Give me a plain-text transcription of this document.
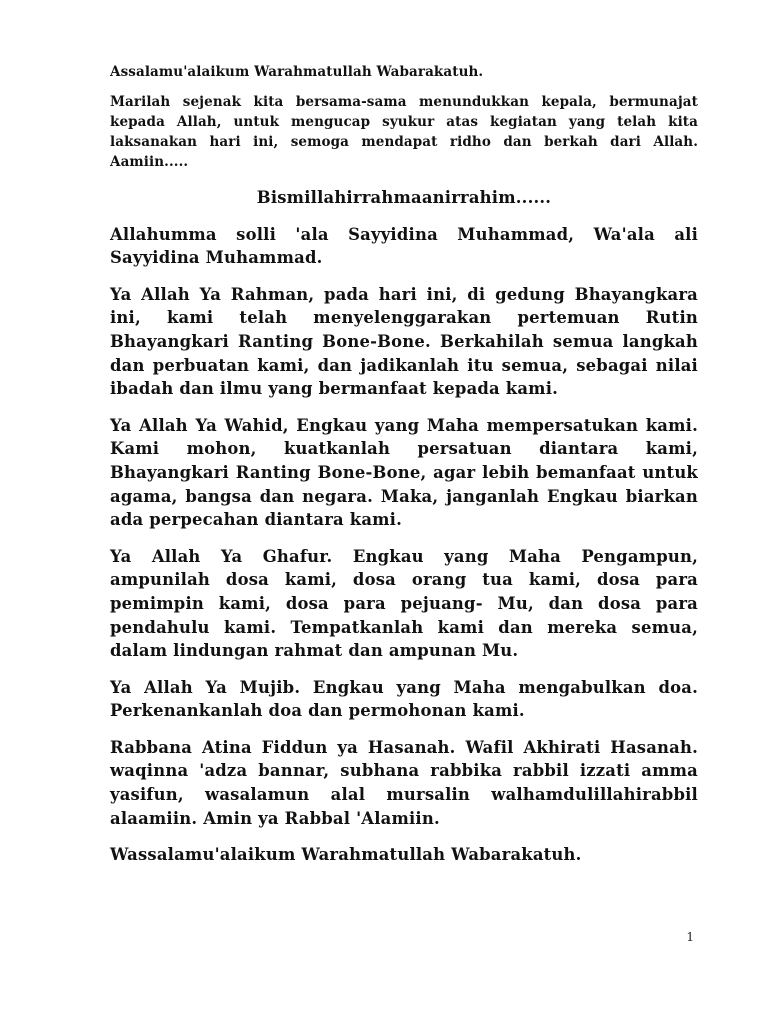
Assalamu'alaikum Warahmatullah Wabarakatuh.

Marilah sejenak kita bersama-sama menundukkan kepala, bermunajat kepada Allah, untuk mengucap syukur atas kegiatan yang telah kita laksanakan hari ini, semoga mendapat ridho dan berkah dari Allah. Aamiin.....

Bismillahirrahmaanirrahim......

Allahumma solli 'ala Sayyidina Muhammad, Wa'ala ali Sayyidina Muhammad.

Ya Allah Ya Rahman, pada hari ini, di gedung Bhayangkara ini, kami telah menyelenggarakan pertemuan Rutin Bhayangkari Ranting Bone-Bone. Berkahilah semua langkah dan perbuatan kami, dan jadikanlah itu semua, sebagai nilai ibadah dan ilmu yang bermanfaat kepada kami.

Ya Allah Ya Wahid, Engkau yang Maha mempersatukan kami. Kami mohon, kuatkanlah persatuan diantara kami, Bhayangkari Ranting Bone-Bone, agar lebih bemanfaat untuk agama, bangsa dan negara. Maka, janganlah Engkau biarkan ada perpecahan diantara kami.

Ya Allah Ya Ghafur. Engkau yang Maha Pengampun, ampunilah dosa kami, dosa orang tua kami, dosa para pemimpin kami, dosa para pejuang- Mu, dan dosa para pendahulu kami. Tempatkanlah kami dan mereka semua, dalam lindungan rahmat dan ampunan Mu.

Ya Allah Ya Mujib. Engkau yang Maha mengabulkan doa. Perkenankanlah doa dan permohonan kami.

Rabbana Atina Fiddun ya Hasanah. Wafil Akhirati Hasanah. waqinna 'adza bannar, subhana rabbika rabbil izzati amma yasifun, wasalamun alal mursalin walhamdulillahirabbil alaamiin. Amin ya Rabbal 'Alamiin.

Wassalamu'alaikum Warahmatullah Wabarakatuh.

1
